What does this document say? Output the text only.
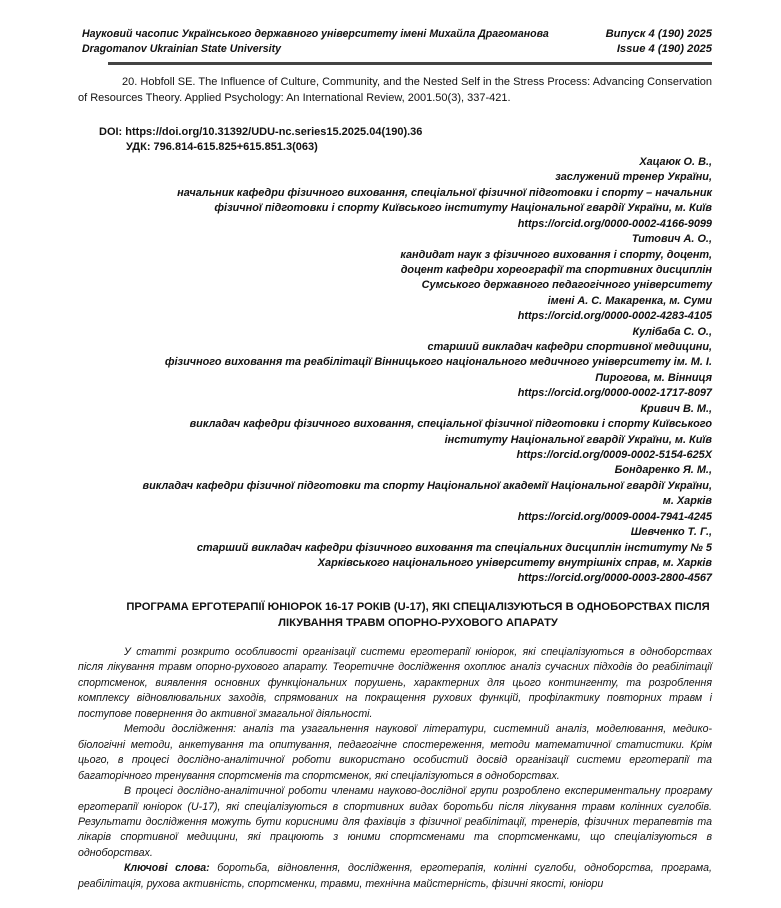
Науковий часопис Українського державного університету імені Михайла Драгоманова
Dragomanov Ukrainian State University
Випуск 4 (190) 2025
Issue 4 (190) 2025
20. Hobfoll SE. The Influence of Culture, Community, and the Nested Self in the Stress Process: Advancing Conservation of Resources Theory. Applied Psychology: An International Review, 2001.50(3), 337-421.
DOI: https://doi.org/10.31392/UDU-nc.series15.2025.04(190).36
УДК: 796.814-615.825+615.851.3(063)
Хацаюк О. В.,
заслужений тренер України,
начальник кафедри фізичного виховання, спеціальної фізичної підготовки і спорту – начальник
фізичної підготовки і спорту Київського інституту Національної гвардії України, м. Київ
https://orcid.org/0000-0002-4166-9099
Титович А. О.,
кандидат наук з фізичного виховання і спорту, доцент,
доцент кафедри хореографії та спортивних дисциплін
Сумського державного педагогічного університету
імені А. С. Макаренка, м. Суми
https://orcid.org/0000-0002-4283-4105
Кулібаба С. О.,
старший викладач кафедри спортивної медицини,
фізичного виховання та реабілітації Вінницького національного медичного університету ім. М. І.
Пирогова, м. Вінниця
https://orcid.org/0000-0002-1717-8097
Кривич В. М.,
викладач кафедри фізичного виховання, спеціальної фізичної підготовки і спорту Київського
інституту Національної гвардії України, м. Київ
https://orcid.org/0009-0002-5154-625X
Бондаренко Я. М.,
викладач кафедри фізичної підготовки та спорту Національної академії Національної гвардії України,
м. Харків
https://orcid.org/0009-0004-7941-4245
Шевченко Т. Г.,
старший викладач кафедри фізичного виховання та спеціальних дисциплін інституту № 5
Харківського національного університету внутрішніх справ, м. Харків
https://orcid.org/0000-0003-2800-4567
ПРОГРАМА ЕРГОТЕРАПІЇ ЮНІОРОК 16-17 РОКІВ (U-17), ЯКІ СПЕЦІАЛІЗУЮТЬСЯ В ОДНОБОРСТВАХ ПІСЛЯ
ЛІКУВАННЯ ТРАВМ ОПОРНО-РУХОВОГО АПАРАТУ

У статті розкрито особливості організації системи ерготерапії юніорок, які спеціалізуються в одноборствах після лікування травм опорно-рухового апарату. Теоретичне дослідження охоплює аналіз сучасних підходів до реабілітації спортсменок, виявлення основних функціональних порушень, характерних для цього контингенту, та розроблення комплексу відновлювальних заходів, спрямованих на покращення рухових функцій, профілактику повторних травм і поступове повернення до активної змагальної діяльності.

Методи дослідження: аналіз та узагальнення наукової літератури, системний аналіз, моделювання, медико-біологічні методи, анкетування та опитування, педагогічне спостереження, методи математичної статистики. Крім цього, в процесі дослідно-аналітичної роботи використано особистий досвід організації системи ерготерапії та багаторічного тренування спортсменів та спортсменок, які спеціалізуються в одноборствах.

В процесі дослідно-аналітичної роботи членами науково-дослідної групи розроблено експериментальну програму ерготерапії юніорок (U-17), які спеціалізуються в спортивних видах боротьби після лікування травм колінних суглобів. Результати дослідження можуть бути корисними для фахівців з фізичної реабілітації, тренерів, фізичних терапевтів та лікарів спортивної медицини, які працюють з юними спортсменами та спортсменками, що спеціалізуються в одноборствах.

Ключові слова: боротьба, відновлення, дослідження, ерготерапія, колінні суглоби, одноборства, програма, реабілітація, рухова активність, спортсменки, травми, технічна майстерність, фізичні якості, юніори
